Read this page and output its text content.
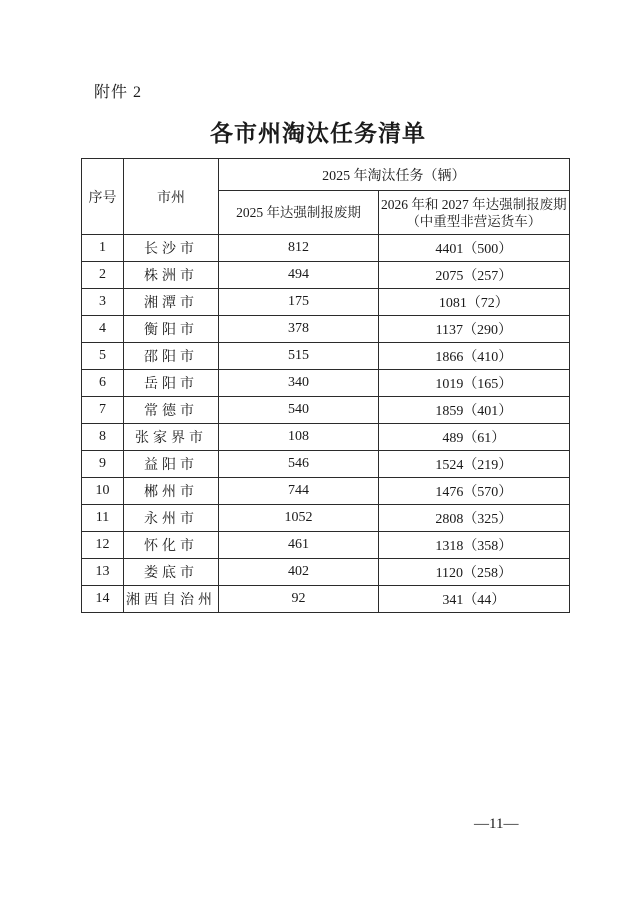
附件 2
各市州淘汰任务清单
序号	市州	2025 年淘汰任务（辆）	
		2025 年达强制报废期	2026 年和 2027 年达强制报废期
（中重型非营运货车）

1	长沙市	812	4401（500）
2	株洲市	494	2075（257）
3	湘潭市	175	1081（72）
4	衡阳市	378	1137（290）
5	邵阳市	515	1866（410）
6	岳阳市	340	1019（165）
7	常德市	540	1859（401）
8	张家界市	108	489（61）
9	益阳市	546	1524（219）
10	郴州市	744	1476（570）
11	永州市	1052	2808（325）
12	怀化市	461	1318（358）
13	娄底市	402	1120（258）
14	湘西自治州	92	341（44）
—11—
